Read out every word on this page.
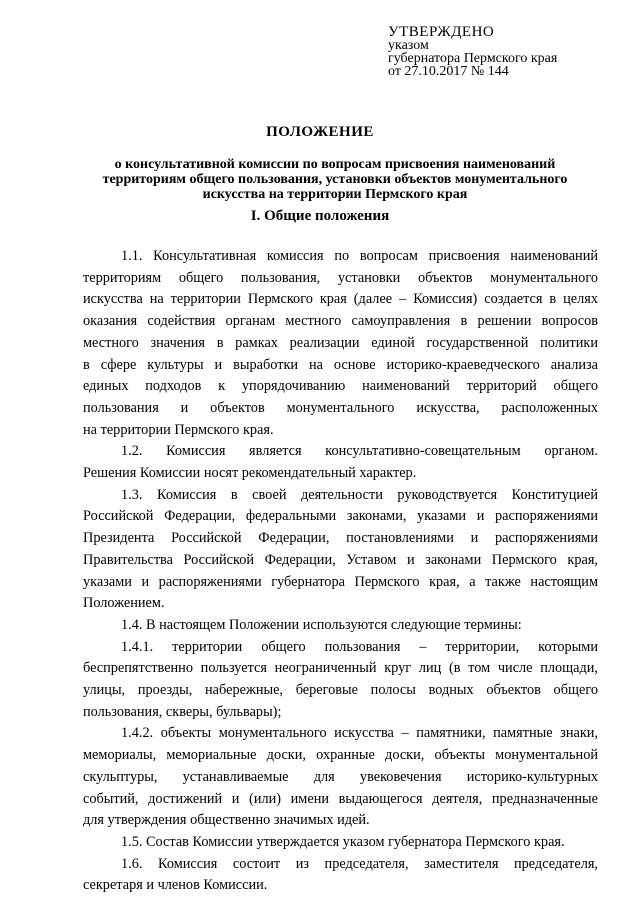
УТВЕРЖДЕНО
указом
губернатора Пермского края
от 27.10.2017 № 144
ПОЛОЖЕНИЕ
о консультативной комиссии по вопросам присвоения наименований
территориям общего пользования, установки объектов монументального
искусства на территории Пермского края
I. Общие положения

1.1. Консультативная комиссия по вопросам присвоения наименований

территориям общего пользования, установки объектов монументального

искусства на территории Пермского края (далее – Комиссия) создается в целях

оказания содействия органам местного самоуправления в решении вопросов

местного значения в рамках реализации единой государственной политики

в сфере культуры и выработки на основе историко-краеведческого анализа

единых подходов к упорядочиванию наименований территорий общего

пользования и объектов монументального искусства, расположенных

на территории Пермского края.

1.2. Комиссия является консультативно-совещательным органом.

Решения Комиссии носят рекомендательный характер.

1.3. Комиссия в своей деятельности руководствуется Конституцией

Российской Федерации, федеральными законами, указами и распоряжениями

Президента Российской Федерации, постановлениями и распоряжениями

Правительства Российской Федерации, Уставом и законами Пермского края,

указами и распоряжениями губернатора Пермского края, а также настоящим

Положением.

1.4. В настоящем Положении используются следующие термины:

1.4.1. территории общего пользования – территории, которыми

беспрепятственно пользуется неограниченный круг лиц (в том числе площади,

улицы, проезды, набережные, береговые полосы водных объектов общего

пользования, скверы, бульвары);

1.4.2. объекты монументального искусства – памятники, памятные знаки,

мемориалы, мемориальные доски, охранные доски, объекты монументальной

скульптуры, устанавливаемые для увековечения историко-культурных

событий, достижений и (или) имени выдающегося деятеля, предназначенные

для утверждения общественно значимых идей.

1.5. Состав Комиссии утверждается указом губернатора Пермского края.

1.6. Комиссия состоит из председателя, заместителя председателя,

секретаря и членов Комиссии.
